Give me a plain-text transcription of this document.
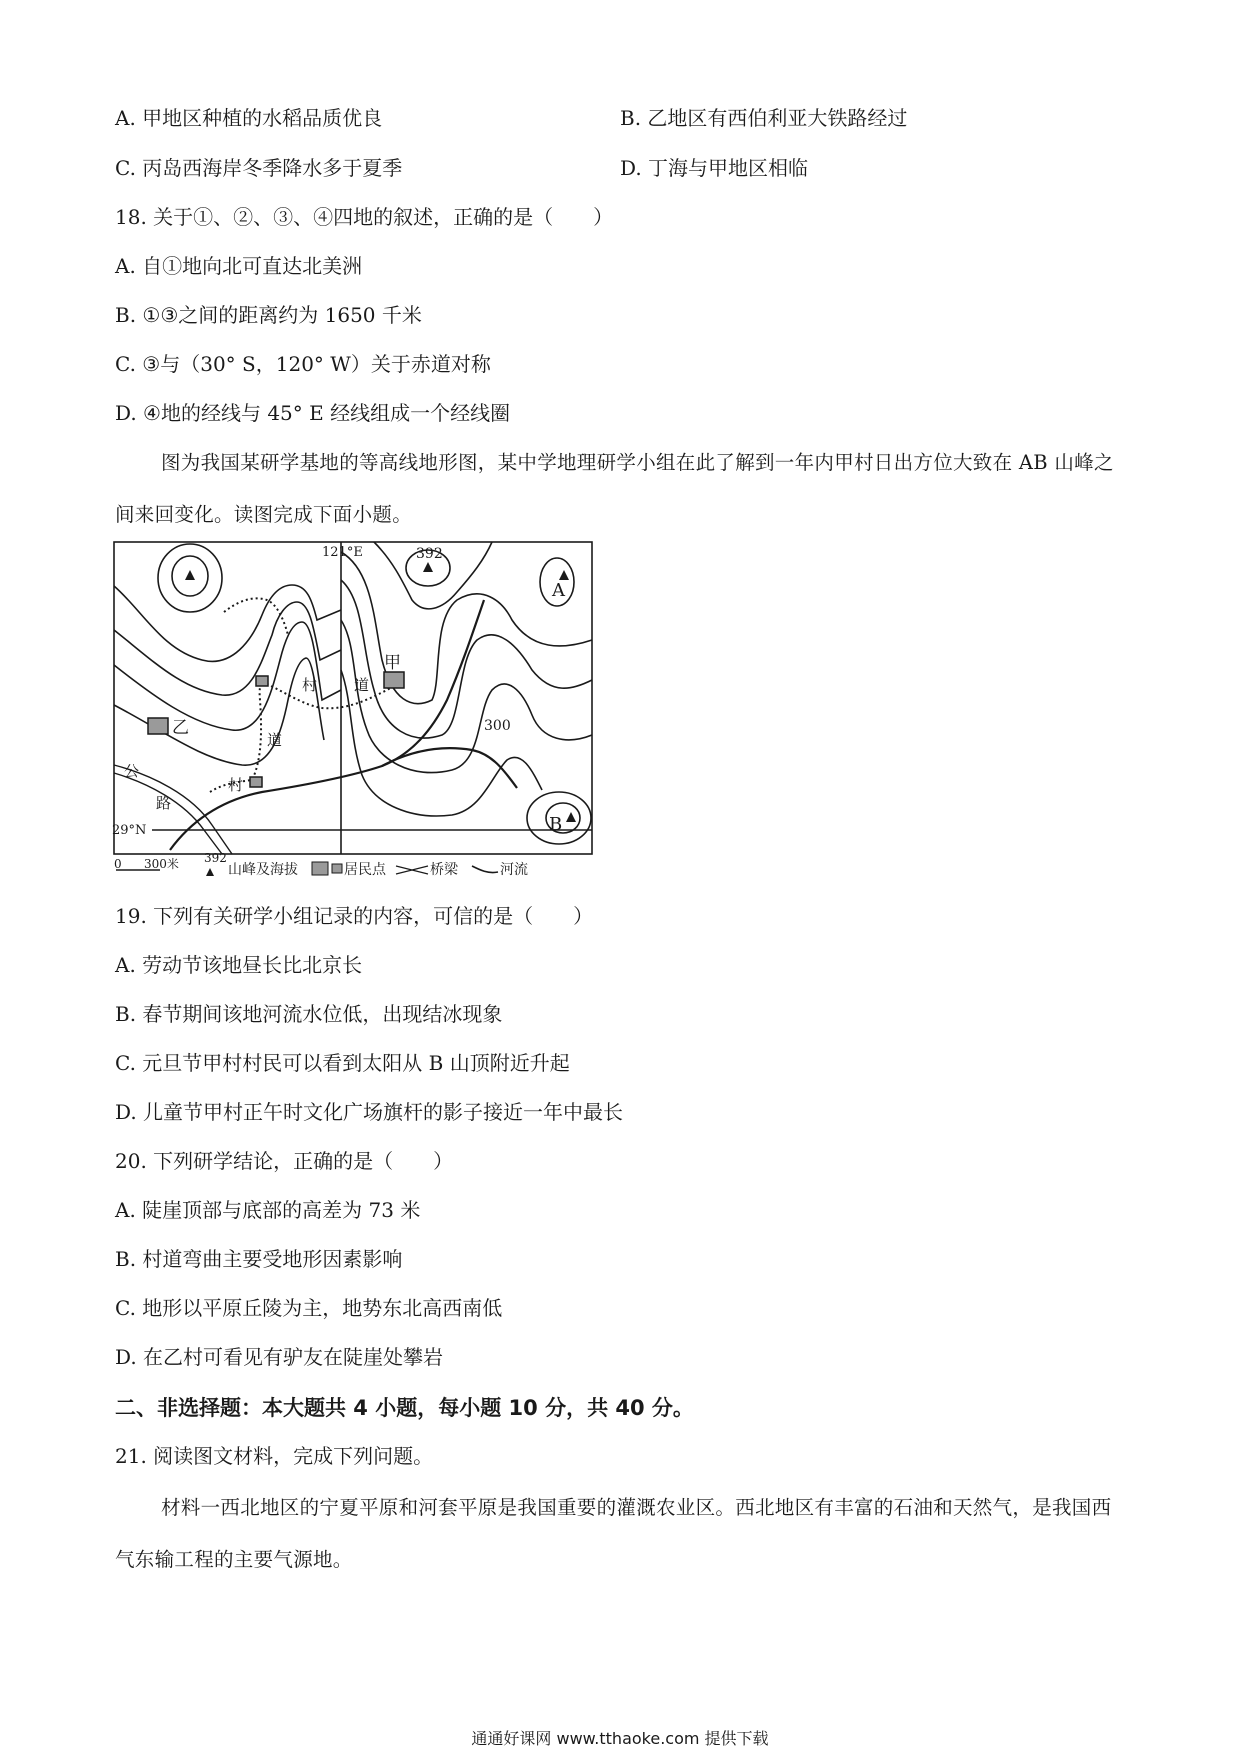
A. 甲地区种植的水稻品质优良	B. 乙地区有西伯利亚大铁路经过
C. 丙岛西海岸冬季降水多于夏季	D. 丁海与甲地区相临
18. 关于①、②、③、④四地的叙述，正确的是（　　）
A. 自①地向北可直达北美洲
B. ①③之间的距离约为 1650 千米
C. ③与（30° S，120° W）关于赤道对称
D. ④地的经线与 45° E 经线组成一个经线圈
图为我国某研学基地的等高线地形图，某中学地理研学小组在此了解到一年内甲村日出方位大致在 AB 山峰之间来回变化。读图完成下面小题。
121°E
29°N
392
A
B
300
甲
乙
村 道
道
村
公
路
0 300米 392
山峰及海拔	居民点	桥梁	河流
19. 下列有关研学小组记录的内容，可信的是（　　）
A. 劳动节该地昼长比北京长
B. 春节期间该地河流水位低，出现结冰现象
C. 元旦节甲村村民可以看到太阳从 B 山顶附近升起
D. 儿童节甲村正午时文化广场旗杆的影子接近一年中最长
20. 下列研学结论，正确的是（　　）
A. 陡崖顶部与底部的高差为 73 米
B. 村道弯曲主要受地形因素影响
C. 地形以平原丘陵为主，地势东北高西南低
D. 在乙村可看见有驴友在陡崖处攀岩
二、非选择题：本大题共 4 小题，每小题 10 分，共 40 分。
21. 阅读图文材料，完成下列问题。
材料一西北地区的宁夏平原和河套平原是我国重要的灌溉农业区。西北地区有丰富的石油和天然气，是我国西气东输工程的主要气源地。
通通好课网 www.tthaoke.com 提供下载
